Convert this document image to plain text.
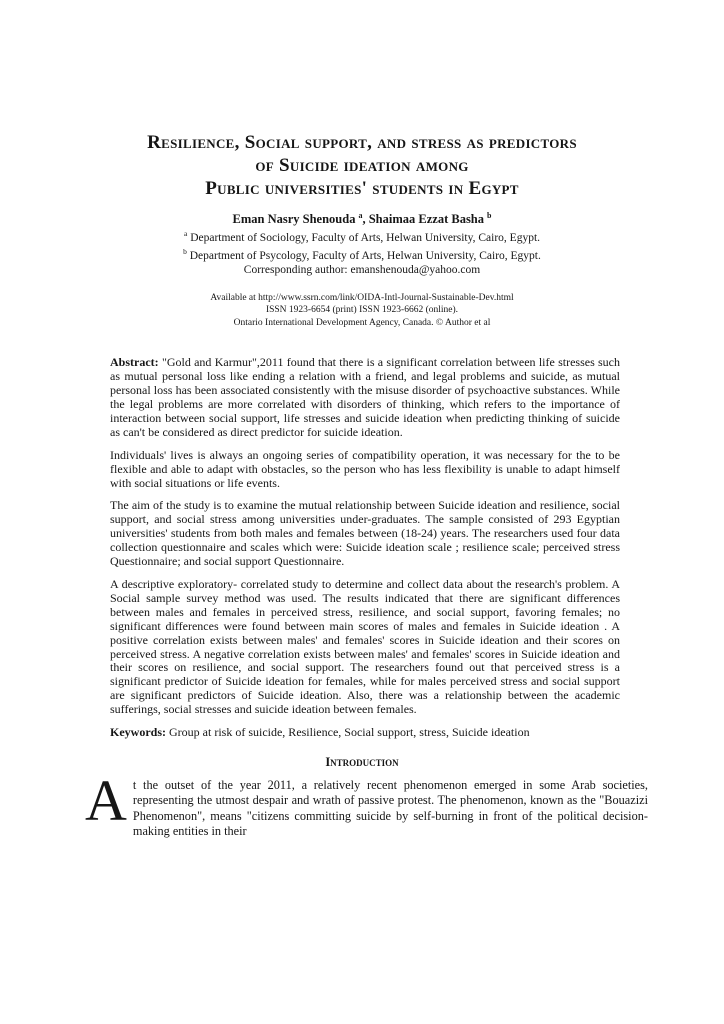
Resilience, Social support, and stress as predictors
of Suicide ideation among
Public universities' students in Egypt
Eman Nasry Shenouda $^a$, Shaimaa Ezzat Basha $^b$
$^a$ Department of Sociology, Faculty of Arts, Helwan University, Cairo, Egypt.
$^b$ Department of Psycology, Faculty of Arts, Helwan University, Cairo, Egypt.
Corresponding author: emanshenouda@yahoo.com
Available at http://www.ssrn.com/link/OIDA-Intl-Journal-Sustainable-Dev.html
ISSN 1923-6654 (print) ISSN 1923-6662 (online).
Ontario International Development Agency, Canada. © Author et al

Abstract: "Gold and Karmur",2011 found that there is a significant correlation between life stresses such as mutual personal loss like ending a relation with a friend, and legal problems and suicide, as mutual personal loss has been associated consistently with the misuse disorder of psychoactive substances. While the legal problems are more correlated with disorders of thinking, which refers to the importance of interaction between social support, life stresses and suicide ideation when predicting thinking of suicide as can't be considered as direct predictor for suicide ideation.

Individuals' lives is always an ongoing series of compatibility operation, it was necessary for the to be flexible and able to adapt with obstacles, so the person who has less flexibility is unable to adapt himself with social situations or life events.

The aim of the study is to examine the mutual relationship between Suicide ideation and resilience, social support, and social stress among universities under-graduates. The sample consisted of 293 Egyptian universities' students from both males and females between (18-24) years. The researchers used four data collection questionnaire and scales which were: Suicide ideation scale ; resilience scale; perceived stress Questionnaire; and social support Questionnaire.

A descriptive exploratory- correlated study to determine and collect data about the research's problem. A Social sample survey method was used. The results indicated that there are significant differences between males and females in perceived stress, resilience, and social support, favoring females; no significant differences were found between main scores of males and females in Suicide ideation . A positive correlation exists between males' and females' scores in Suicide ideation and their scores on perceived stress. A negative correlation exists between males' and females' scores in Suicide ideation and their scores on resilience, and social support. The researchers found out that perceived stress is a significant predictor of Suicide ideation for females, while for males perceived stress and social support are significant predictors of Suicide ideation. Also, there was a relationship between the academic sufferings, social stresses and suicide ideation between females.

Keywords: Group at risk of suicide, Resilience, Social support, stress, Suicide ideation

Introduction

At the outset of the year 2011, a relatively recent phenomenon emerged in some Arab societies, representing the utmost despair and wrath of passive protest. The phenomenon, known as the "Bouazizi Phenomenon", means "citizens committing suicide by self-burning in front of the political decision-making entities in their
